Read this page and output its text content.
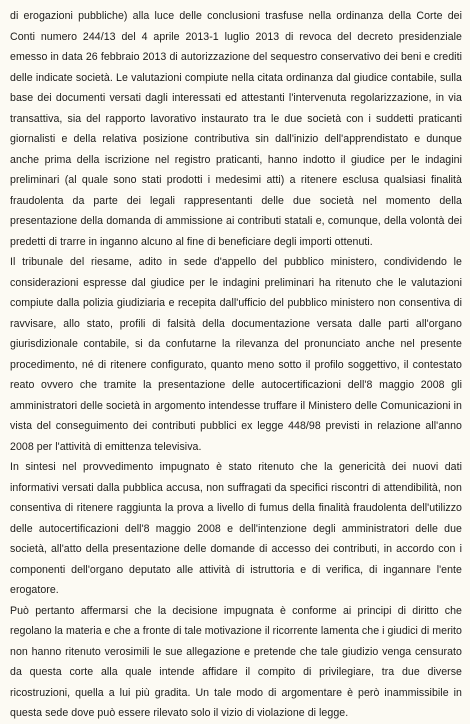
di erogazioni pubbliche) alla luce delle conclusioni trasfuse nella ordinanza della Corte dei Conti numero 244/13 del 4 aprile 2013-1 luglio 2013 di revoca del decreto presidenziale emesso in data 26 febbraio 2013 di autorizzazione del sequestro conservativo dei beni e crediti delle indicate società. Le valutazioni compiute nella citata ordinanza dal giudice contabile, sulla base dei documenti versati dagli interessati ed attestanti l'intervenuta regolarizzazione, in via transattiva, sia del rapporto lavorativo instaurato tra le due società con i suddetti praticanti giornalisti e della relativa posizione contributiva sin dall'inizio dell'apprendistato e dunque anche prima della iscrizione nel registro praticanti, hanno indotto il giudice per le indagini preliminari (al quale sono stati prodotti i medesimi atti) a ritenere esclusa qualsiasi finalità fraudolenta da parte dei legali rappresentanti delle due società nel momento della presentazione della domanda di ammissione ai contributi statali e, comunque, della volontà dei predetti di trarre in inganno alcuno al fine di beneficiare degli importi ottenuti.

Il tribunale del riesame, adito in sede d'appello del pubblico ministero, condividendo le considerazioni espresse dal giudice per le indagini preliminari ha ritenuto che le valutazioni compiute dalla polizia giudiziaria e recepita dall'ufficio del pubblico ministero non consentiva di ravvisare, allo stato, profili di falsità della documentazione versata dalle parti all'organo giurisdizionale contabile, si da confutarne la rilevanza del pronunciato anche nel presente procedimento, né di ritenere configurato, quanto meno sotto il profilo soggettivo, il contestato reato ovvero che tramite la presentazione delle autocertificazioni dell'8 maggio 2008 gli amministratori delle società in argomento intendesse truffare il Ministero delle Comunicazioni in vista del conseguimento dei contributi pubblici ex legge 448/98 previsti in relazione all'anno 2008 per l'attività di emittenza televisiva.

In sintesi nel provvedimento impugnato è stato ritenuto che la genericità dei nuovi dati informativi versati dalla pubblica accusa, non suffragati da specifici riscontri di attendibilità, non consentiva di ritenere raggiunta la prova a livello di fumus della finalità fraudolenta dell'utilizzo delle autocertificazioni dell'8 maggio 2008 e dell'intenzione degli amministratori delle due società, all'atto della presentazione delle domande di accesso dei contributi, in accordo con i componenti dell'organo deputato alle attività di istruttoria e di verifica, di ingannare l'ente erogatore.

Può pertanto affermarsi che la decisione impugnata è conforme ai principi di diritto che regolano la materia e che a fronte di tale motivazione il ricorrente lamenta che i giudici di merito non hanno ritenuto verosimili le sue allegazione e pretende che tale giudizio venga censurato da questa corte alla quale intende affidare il compito di privilegiare, tra due diverse ricostruzioni, quella a lui più gradita. Un tale modo di argomentare è però inammissibile in questa sede dove può essere rilevato solo il vizio di violazione di legge.
